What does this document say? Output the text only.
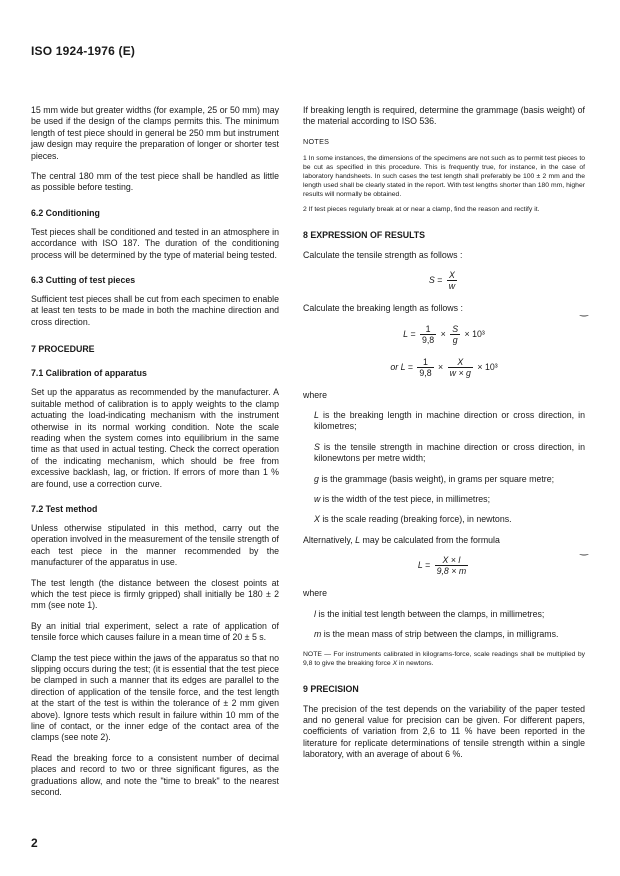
ISO 1924-1976 (E)

15 mm wide but greater widths (for example, 25 or 50 mm) may be used if the design of the clamps permits this. The minimum length of test piece should in general be 250 mm but instrument jaw design may require the preparation of longer or shorter test pieces.

The central 180 mm of the test piece shall be handled as little as possible before testing.

6.2 Conditioning

Test pieces shall be conditioned and tested in an atmosphere in accordance with ISO 187. The duration of the conditioning process will be determined by the type of material being tested.

6.3 Cutting of test pieces

Sufficient test pieces shall be cut from each specimen to enable at least ten tests to be made in both the machine direction and cross direction.

7 PROCEDURE
7.1 Calibration of apparatus

Set up the apparatus as recommended by the manufacturer. A suitable method of calibration is to apply weights to the clamp actuating the load-indicating mechanism with the instrument otherwise in its normal working condition. Note the scale reading when the system comes into equilibrium in the same time as that used in actual testing. Check the correct operation of the indicating mechanism, which should be free from excessive backlash, lag, or friction. If errors of more than 1 % are found, use a correction curve.

7.2 Test method

Unless otherwise stipulated in this method, carry out the operation involved in the measurement of the tensile strength of each test piece in the manner recommended by the manufacturer of the apparatus in use.

The test length (the distance between the closest points at which the test piece is firmly gripped) shall initially be 180 ± 2 mm (see note 1).

By an initial trial experiment, select a rate of application of tensile force which causes failure in a mean time of 20 ± 5 s.

Clamp the test piece within the jaws of the apparatus so that no slipping occurs during the test; (it is essential that the test piece be clamped in such a manner that its edges are parallel to the direction of application of the tensile force, and the test length at the start of the test is within the tolerance of ± 2 mm given above). Ignore tests which result in failure within 10 mm of the line of contact, or the inner edge of the contact area of the clamps (see note 2).

Read the breaking force to a consistent number of decimal places and record to two or three significant figures, as the graduations allow, and note the "time to break" to the nearest second.

If breaking length is required, determine the grammage (basis weight) of the material according to ISO 536.

NOTES

1 In some instances, the dimensions of the specimens are not such as to permit test pieces to be cut as specified in this procedure. This is frequently true, for instance, in the case of laboratory handsheets. In such cases the test length shall preferably be 100 ± 2 mm and the length used shall be clearly stated in the report. With test lengths shorter than 180 mm, higher results will normally be obtained.

2 If test pieces regularly break at or near a clamp, find the reason and rectify it.

8 EXPRESSION OF RESULTS

Calculate the tensile strength as follows :

$S = \frac{X}{w}$

Calculate the breaking length as follows :

$L = \frac{1}{9,8} \times \frac{S}{g} \times 10^3$
or $L = \frac{1}{9,8} \times \frac{X}{w \times g} \times 10^3$

where

L is the breaking length in machine direction or cross direction, in kilometres;

S is the tensile strength in machine direction or cross direction, in kilonewtons per metre width;

g is the grammage (basis weight), in grams per square metre;

w is the width of the test piece, in millimetres;

X is the scale reading (breaking force), in newtons.

Alternatively, L may be calculated from the formula

$L = \frac{X \times l}{9,8 \times m}$

where

l is the initial test length between the clamps, in millimetres;

m is the mean mass of strip between the clamps, in milligrams.

NOTE — For instruments calibrated in kilograms-force, scale readings shall be multiplied by 9,8 to give the breaking force X in newtons.

9 PRECISION

The precision of the test depends on the variability of the paper tested and no general value for precision can be given. For different papers, coefficients of variation from 2,6 to 11 % have been reported in the literature for replicate determinations of tensile strength within a single laboratory, with an average of about 6 %.

‿
‿
2
